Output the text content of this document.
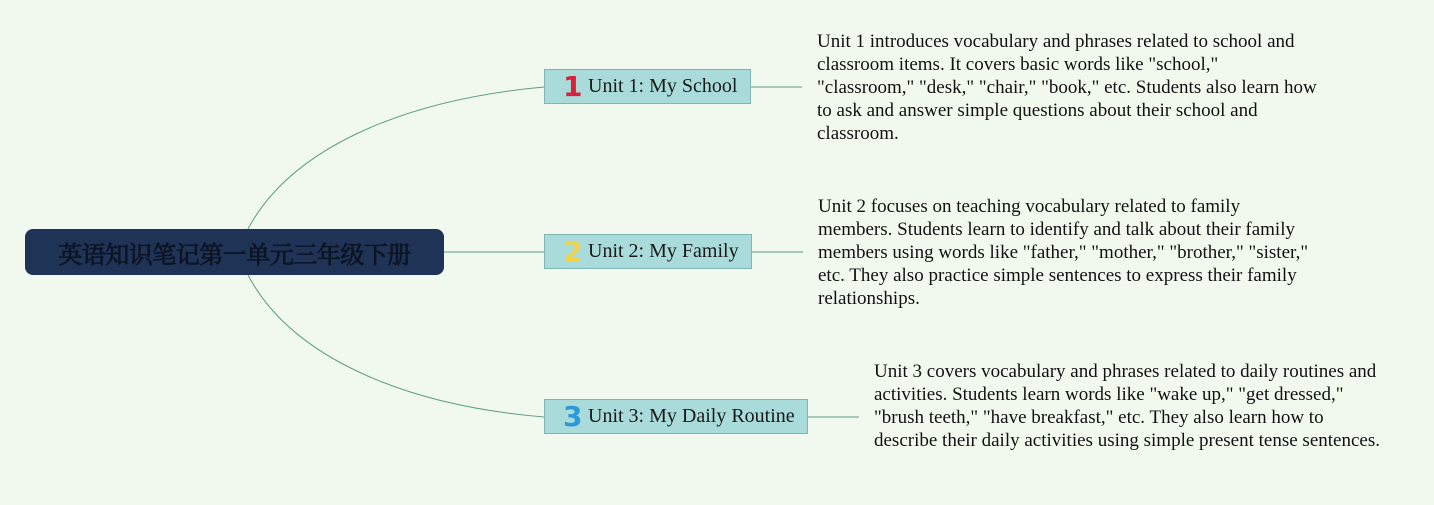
英语知识笔记第一单元三年级下册
1 Unit 1: My School

Unit 1 introduces vocabulary and phrases related to school and classroom items. It covers basic words like "school," "classroom," "desk," "chair," "book," etc. Students also learn how to ask and answer simple questions about their school and classroom.

2 Unit 2: My Family

Unit 2 focuses on teaching vocabulary related to family members. Students learn to identify and talk about their family members using words like "father," "mother," "brother," "sister," etc. They also practice simple sentences to express their family relationships.

3 Unit 3: My Daily Routine

Unit 3 covers vocabulary and phrases related to daily routines and activities. Students learn words like "wake up," "get dressed," "brush teeth," "have breakfast," etc. They also learn how to describe their daily activities using simple present tense sentences.
